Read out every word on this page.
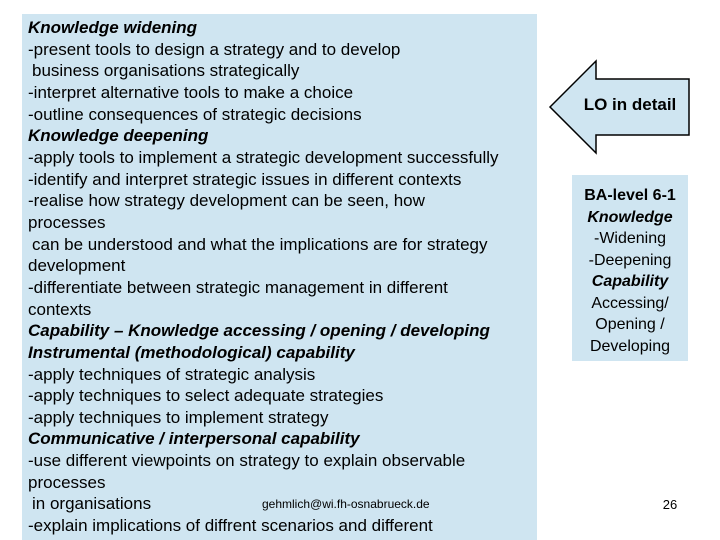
Knowledge widening
-present tools to design a strategy and to develop
business organisations strategically
-interpret alternative tools to make a choice
-outline consequences of strategic decisions
Knowledge deepening
-apply tools to implement a strategic development successfully
-identify and interpret strategic issues in different contexts
-realise how strategy development can be seen, how
processes
can be understood and what the implications are for strategy
development
-differentiate between strategic management in different
contexts
Capability – Knowledge accessing / opening / developing
Instrumental (methodological) capability
-apply techniques of strategic analysis
-apply techniques to select adequate strategies
-apply techniques to implement strategy
Communicative / interpersonal capability
-use different viewpoints on strategy to explain observable
processes
in organisations
-explain implications of diffrent scenarios and different
LO in detail
BA-level 6-1
Knowledge
-Widening
-Deepening
Capability
Accessing/
Opening /
Developing
gehmlich@wi.fh-osnabrueck.de	26
